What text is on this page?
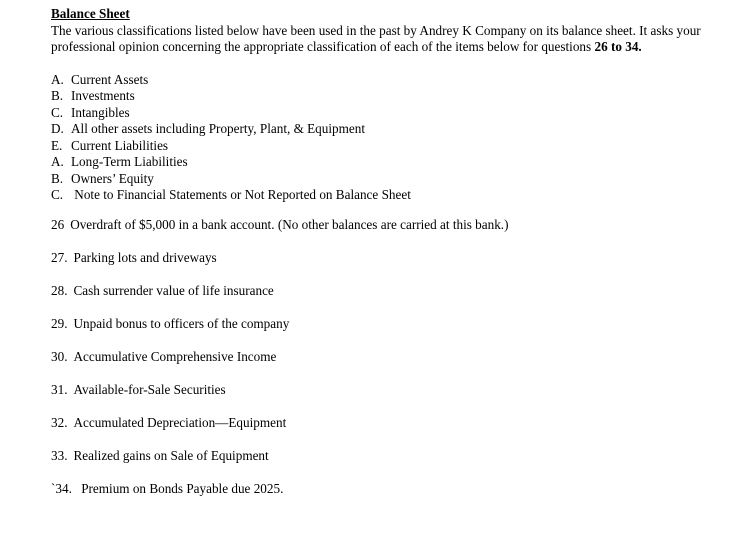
Balance Sheet

The various classifications listed below have been used in the past by Andrey K Company on its balance sheet. It asks your professional opinion concerning the appropriate classification of each of the items below for questions 26 to 34.

A. Current Assets
B. Investments
C. Intangibles
D. All other assets including Property, Plant, & Equipment
E. Current Liabilities
A. Long-Term Liabilities
B. Owners’ Equity
C. Note to Financial Statements or Not Reported on Balance Sheet
26 Overdraft of $5,000 in a bank account. (No other balances are carried at this bank.)
27. Parking lots and driveways
28. Cash surrender value of life insurance
29. Unpaid bonus to officers of the company
30. Accumulative Comprehensive Income
31. Available-for-Sale Securities
32. Accumulated Depreciation—Equipment
33. Realized gains on Sale of Equipment
`34. Premium on Bonds Payable due 2025.
